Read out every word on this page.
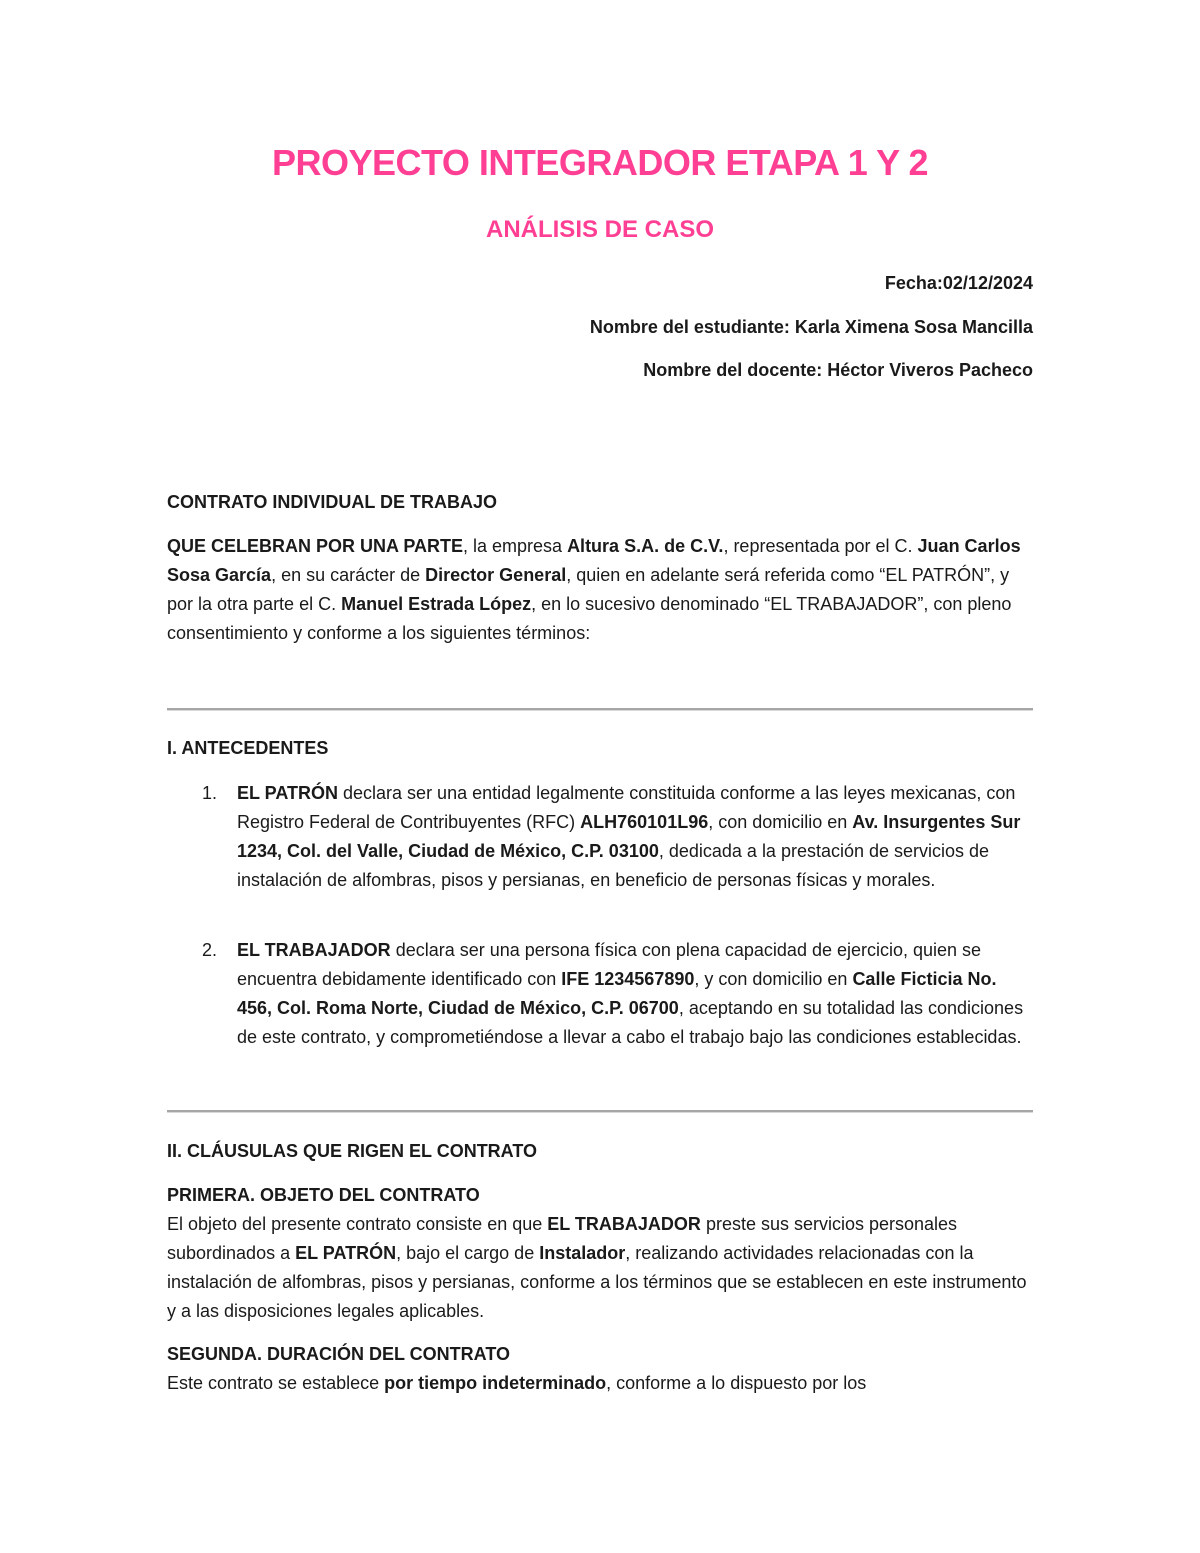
PROYECTO INTEGRADOR ETAPA 1 Y 2
ANÁLISIS DE CASO

Fecha:02/12/2024

Nombre del estudiante: Karla Ximena Sosa Mancilla

Nombre del docente: Héctor Viveros Pacheco

CONTRATO INDIVIDUAL DE TRABAJO

QUE CELEBRAN POR UNA PARTE, la empresa Altura S.A. de C.V., representada por el C. Juan Carlos Sosa García, en su carácter de Director General, quien en adelante será referida como “EL PATRÓN”, y por la otra parte el C. Manuel Estrada López, en lo sucesivo denominado “EL TRABAJADOR”, con pleno consentimiento y conforme a los siguientes términos:

I. ANTECEDENTES

1. EL PATRÓN declara ser una entidad legalmente constituida conforme a las leyes mexicanas, con Registro Federal de Contribuyentes (RFC) ALH760101L96, con domicilio en Av. Insurgentes Sur 1234, Col. del Valle, Ciudad de México, C.P. 03100, dedicada a la prestación de servicios de instalación de alfombras, pisos y persianas, en beneficio de personas físicas y morales.

2. EL TRABAJADOR declara ser una persona física con plena capacidad de ejercicio, quien se encuentra debidamente identificado con IFE 1234567890, y con domicilio en Calle Ficticia No. 456, Col. Roma Norte, Ciudad de México, C.P. 06700, aceptando en su totalidad las condiciones de este contrato, y comprometiéndose a llevar a cabo el trabajo bajo las condiciones establecidas.

II. CLÁUSULAS QUE RIGEN EL CONTRATO

PRIMERA. OBJETO DEL CONTRATO

El objeto del presente contrato consiste en que EL TRABAJADOR preste sus servicios personales subordinados a EL PATRÓN, bajo el cargo de Instalador, realizando actividades relacionadas con la instalación de alfombras, pisos y persianas, conforme a los términos que se establecen en este instrumento y a las disposiciones legales aplicables.

SEGUNDA. DURACIÓN DEL CONTRATO

Este contrato se establece por tiempo indeterminado, conforme a lo dispuesto por los
